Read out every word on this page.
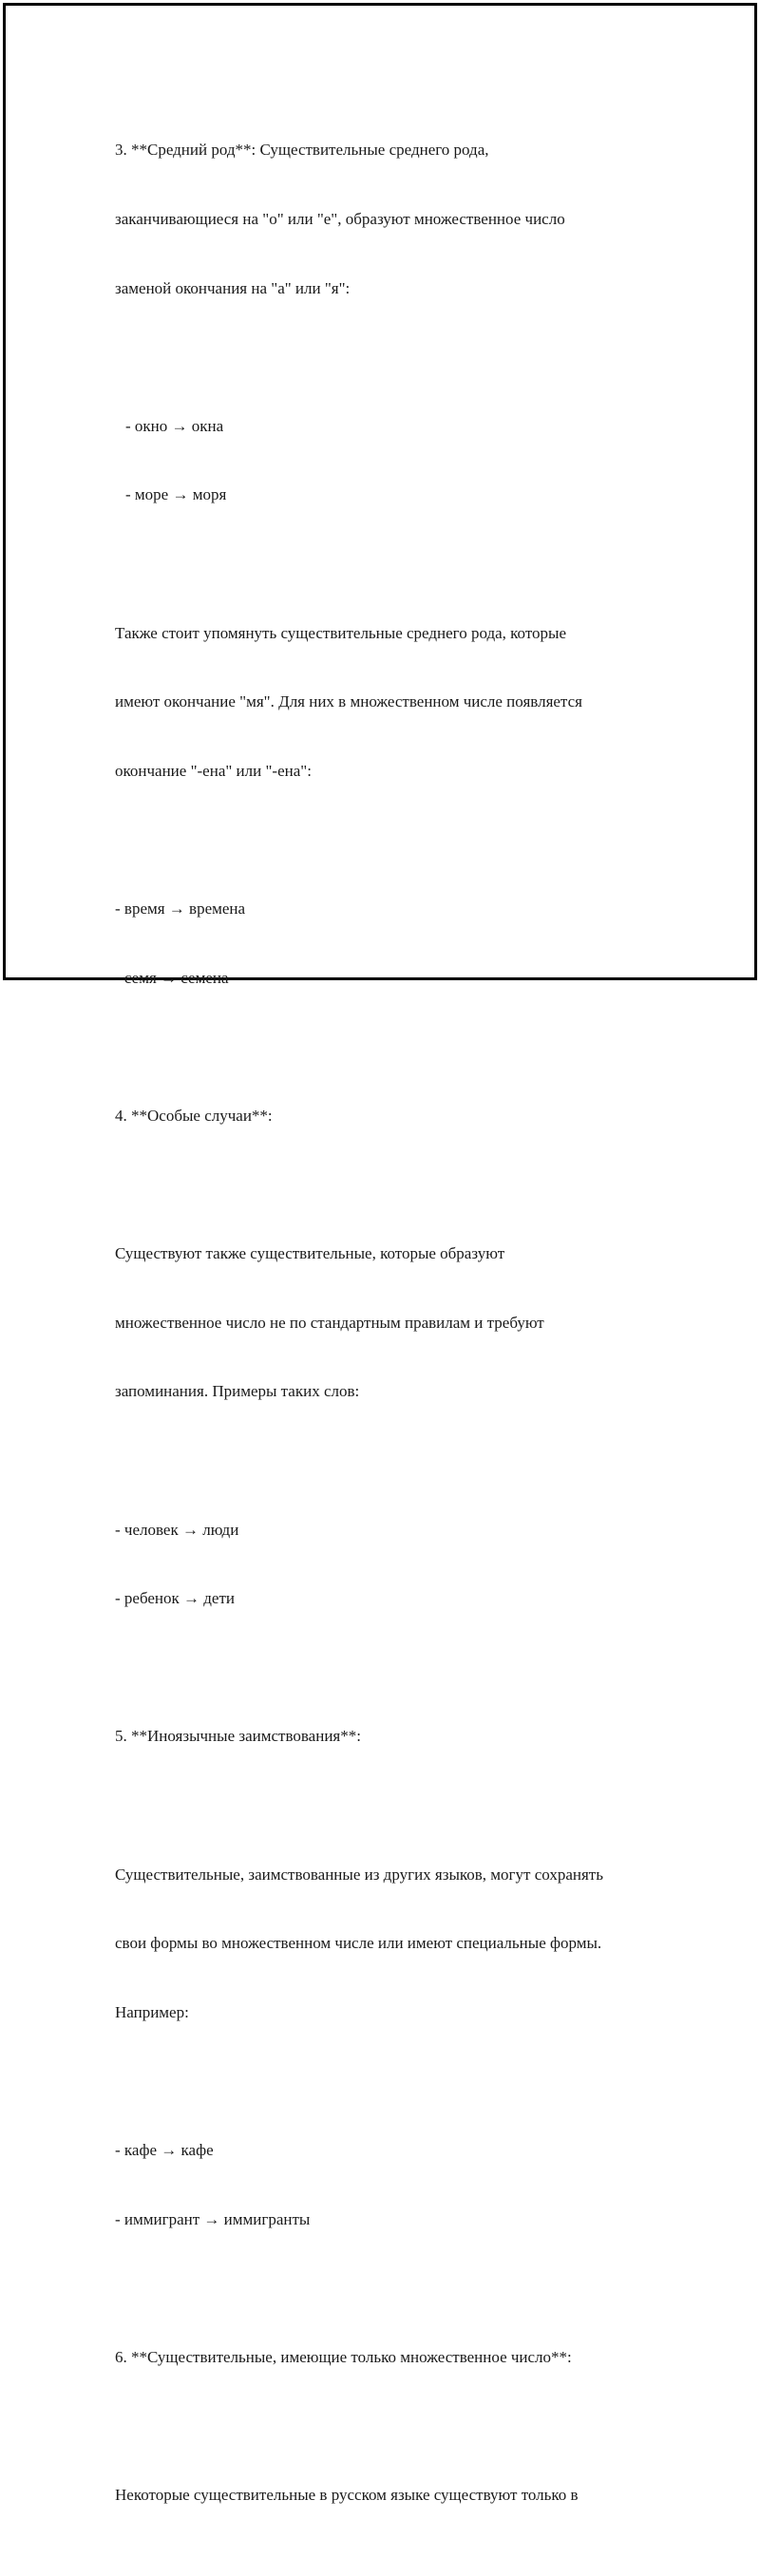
3. **Средний род**: Существительные среднего рода,

заканчивающиеся на "о" или "е", образуют множественное число

заменой окончания на "а" или "я":

- окно → окна

- море → моря

Также стоит упомянуть существительные среднего рода, которые

имеют окончание "мя". Для них в множественном числе появляется

окончание "-ена" или "-ена":

- время → времена

- семя → семена

4. **Особые случаи**:

Существуют также существительные, которые образуют

множественное число не по стандартным правилам и требуют

запоминания. Примеры таких слов:

- человек → люди

- ребенок → дети

5. **Иноязычные заимствования**:

Существительные, заимствованные из других языков, могут сохранять

свои формы во множественном числе или имеют специальные формы.

Например:

- кафе → кафе

- иммигрант → иммигранты

6. **Существительные, имеющие только множественное число**:

Некоторые существительные в русском языке существуют только в
